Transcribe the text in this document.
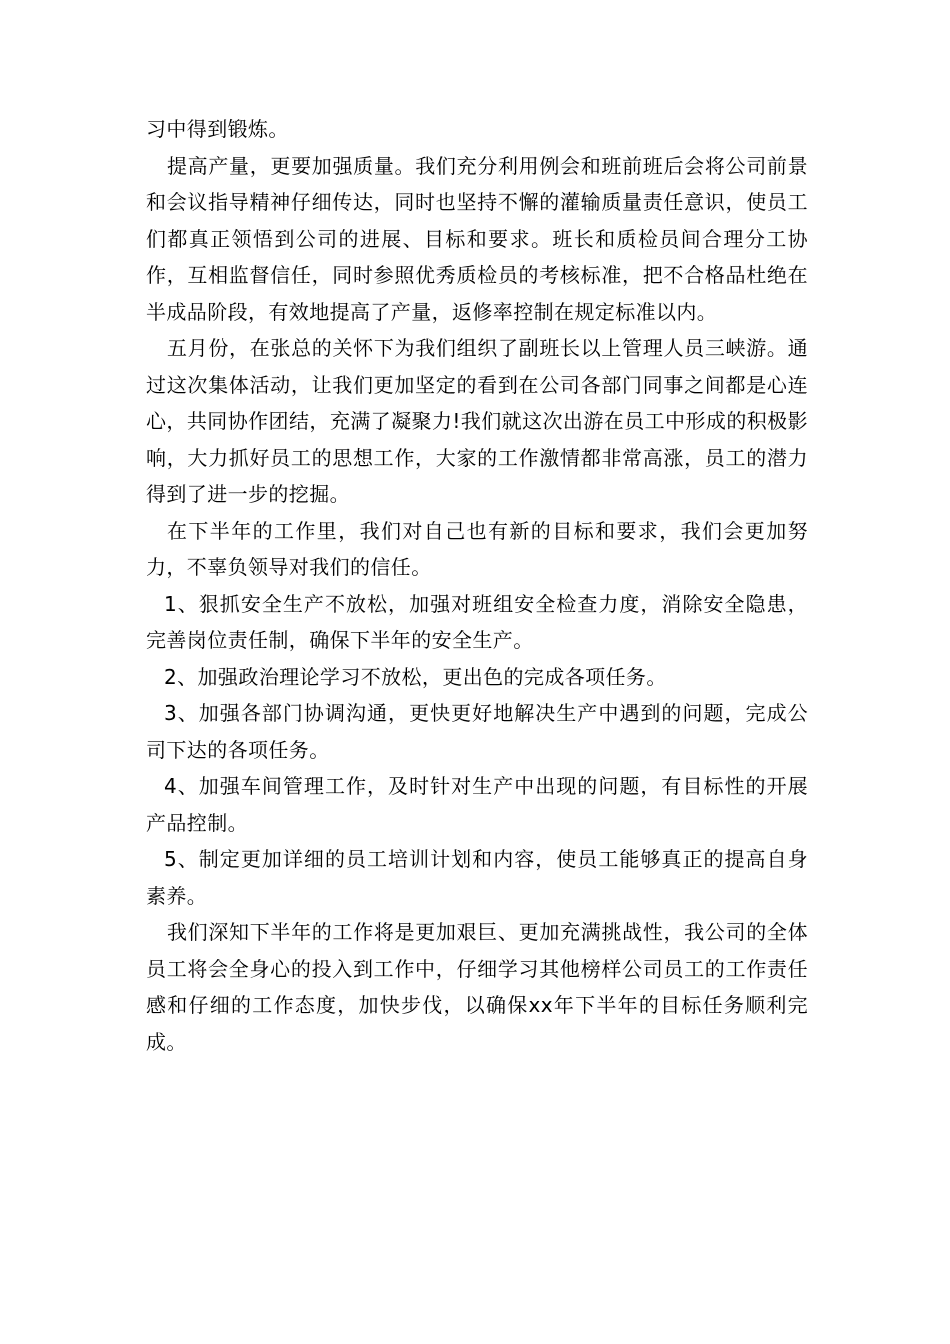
习中得到锻炼。

提高产量，更要加强质量。我们充分利用例会和班前班后会将公司前景和会议指导精神仔细传达，同时也坚持不懈的灌输质量责任意识，使员工们都真正领悟到公司的进展、目标和要求。班长和质检员间合理分工协作，互相监督信任，同时参照优秀质检员的考核标准，把不合格品杜绝在半成品阶段，有效地提高了产量，返修率控制在规定标准以内。

五月份，在张总的关怀下为我们组织了副班长以上管理人员三峡游。通过这次集体活动，让我们更加坚定的看到在公司各部门同事之间都是心连心，共同协作团结，充满了凝聚力!我们就这次出游在员工中形成的积极影响，大力抓好员工的思想工作，大家的工作激情都非常高涨，员工的潜力得到了进一步的挖掘。

在下半年的工作里，我们对自己也有新的目标和要求，我们会更加努力，不辜负领导对我们的信任。

1、狠抓安全生产不放松，加强对班组安全检查力度，消除安全隐患，完善岗位责任制，确保下半年的安全生产。

2、加强政治理论学习不放松，更出色的完成各项任务。

3、加强各部门协调沟通，更快更好地解决生产中遇到的问题，完成公司下达的各项任务。

4、加强车间管理工作，及时针对生产中出现的问题，有目标性的开展产品控制。

5、制定更加详细的员工培训计划和内容，使员工能够真正的提高自身素养。

我们深知下半年的工作将是更加艰巨、更加充满挑战性，我公司的全体员工将会全身心的投入到工作中，仔细学习其他榜样公司员工的工作责任感和仔细的工作态度，加快步伐，以确保xx年下半年的目标任务顺利完成。
